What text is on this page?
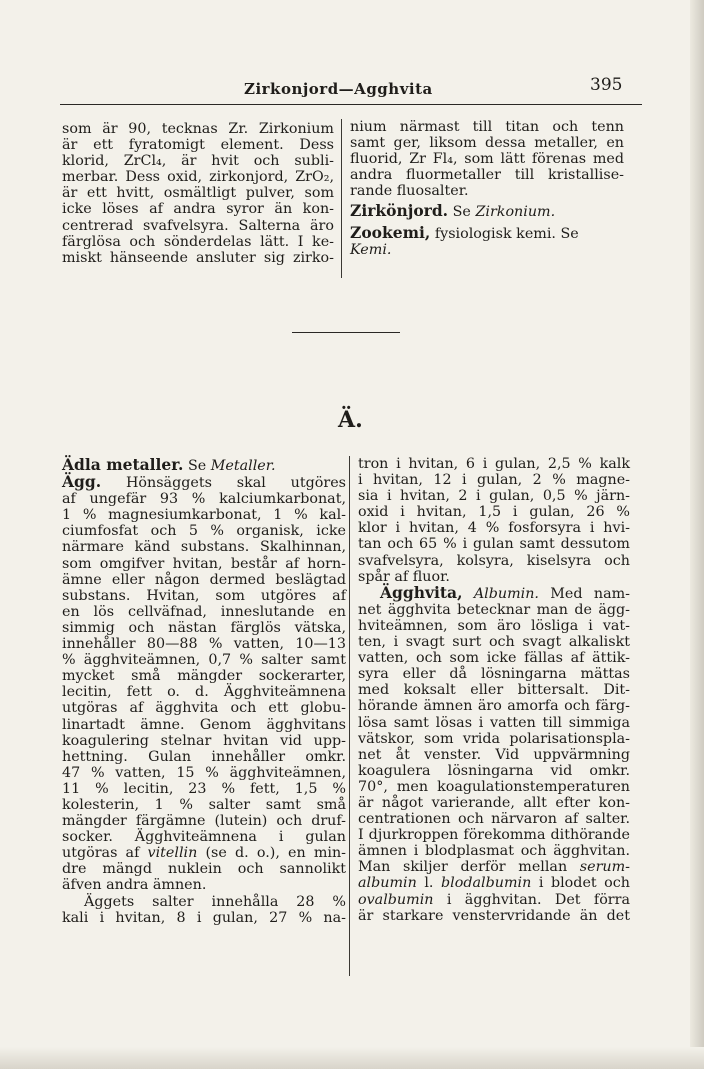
Zirkonjord—Agghvita	395
som är 90, tecknas Zr. Zirkonium
är ett fyratomigt element. Dess
klorid, ZrCl₄, är hvit och subli-
merbar. Dess oxid, zirkonjord, ZrO₂,
är ett hvitt, osmältligt pulver, som
icke löses af andra syror än kon-
centrerad svafvelsyra. Salterna äro
färglösa och sönderdelas lätt. I ke-
miskt hänseende ansluter sig zirko-
nium närmast till titan och tenn
samt ger, liksom dessa metaller, en
fluorid, Zr Fl₄, som lätt förenas med
andra fluormetaller till kristallise-
rande fluosalter.
Zirkönjord. Se Zirkonium.
Zookemi, fysiologisk kemi. Se
Kemi.
Ä.
Ädla metaller. Se Metaller.
Ägg. Hönsäggets skal utgöres
af ungefär 93 % kalciumkarbonat,
1 % magnesiumkarbonat, 1 % kal-
ciumfosfat och 5 % organisk, icke
närmare känd substans. Skalhinnan,
som omgifver hvitan, består af horn-
ämne eller någon dermed beslägtad
substans. Hvitan, som utgöres af
en lös cellväfnad, inneslutande en
simmig och nästan färglös vätska,
innehåller 80—88 % vatten, 10—13
% ägghviteämnen, 0,7 % salter samt
mycket små mängder sockerarter,
lecitin, fett o. d. Ägghviteämnena
utgöras af ägghvita och ett globu-
linartadt ämne. Genom ägghvitans
koagulering stelnar hvitan vid upp-
hettning. Gulan innehåller omkr.
47 % vatten, 15 % ägghviteämnen,
11 % lecitin, 23 % fett, 1,5 %
kolesterin, 1 % salter samt små
mängder färgämne (lutein) och druf-
socker. Ägghviteämnena i gulan
utgöras af vitellin (se d. o.), en min-
dre mängd nuklein och sannolikt
äfven andra ämnen.
Äggets salter innehålla 28 %
kali i hvitan, 8 i gulan, 27 % na-
tron i hvitan, 6 i gulan, 2,5 % kalk
i hvitan, 12 i gulan, 2 % magne-
sia i hvitan, 2 i gulan, 0,5 % järn-
oxid i hvitan, 1,5 i gulan, 26 %
klor i hvitan, 4 % fosforsyra i hvi-
tan och 65 % i gulan samt dessutom
svafvelsyra, kolsyra, kiselsyra och
spår af fluor.
Ägghvita, Albumin. Med nam-
net ägghvita betecknar man de ägg-
hviteämnen, som äro lösliga i vat-
ten, i svagt surt och svagt alkaliskt
vatten, och som icke fällas af ättik-
syra eller då lösningarna mättas
med koksalt eller bittersalt. Dit-
hörande ämnen äro amorfa och färg-
lösa samt lösas i vatten till simmiga
vätskor, som vrida polarisationspla-
net åt venster. Vid uppvärmning
koagulera lösningarna vid omkr.
70°, men koagulationstemperaturen
är något varierande, allt efter kon-
centrationen och närvaron af salter.
I djurkroppen förekomma dithörande
ämnen i blodplasmat och ägghvitan.
Man skiljer derför mellan serum-
albumin l. blodalbumin i blodet och
ovalbumin i ägghvitan. Det förra
är starkare venstervridande än det
